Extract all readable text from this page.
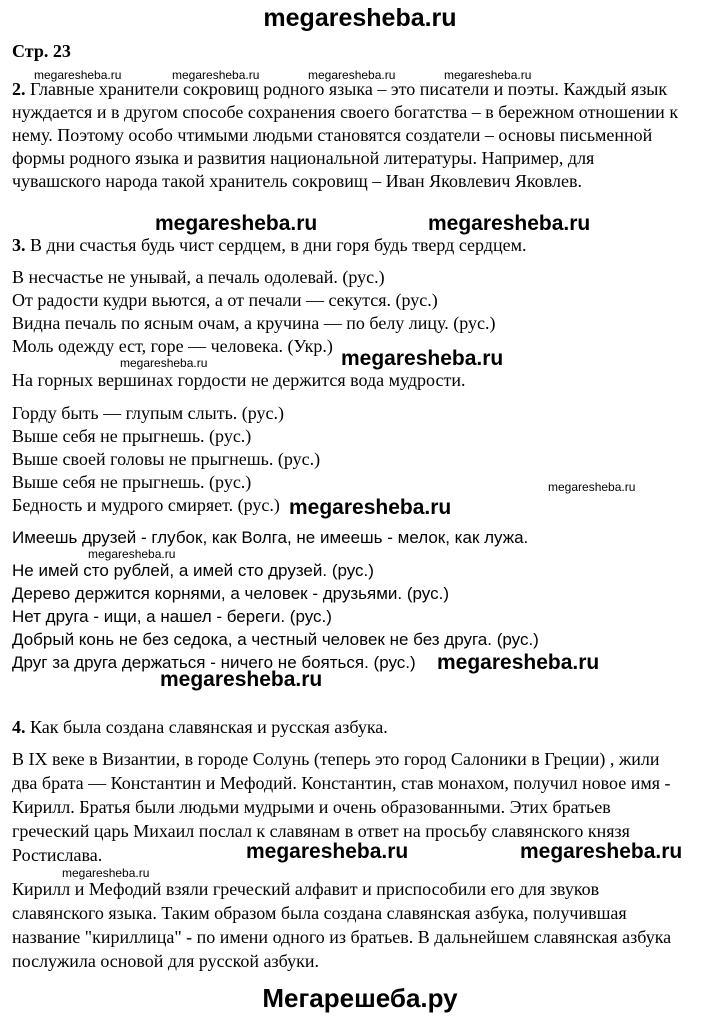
megaresheba.ru
Стр. 23
2. Главные хранители сокровищ родного языка – это писатели и поэты. Каждый язык
нуждается и в другом способе сохранения своего богатства – в бережном отношении к
нему. Поэтому особо чтимыми людьми становятся создатели – основы письменной
формы родного языка и развития национальной литературы. Например, для
чувашского народа такой хранитель сокровищ – Иван Яковлевич Яковлев.
3. В дни счастья будь чист сердцем, в дни горя будь тверд сердцем.
В несчастье не унывай, а печаль одолевай. (рус.)
От радости кудри вьются, а от печали — секутся. (рус.)
Видна печаль по ясным очам, а кручина — по белу лицу. (рус.)
Моль одежду ест, горе — человека. (Укр.)
На горных вершинах гордости не держится вода мудрости.
Горду быть — глупым слыть. (рус.)
Выше себя не прыгнешь. (рус.)
Выше своей головы не прыгнешь. (рус.)
Выше себя не прыгнешь. (рус.)
Бедность и мудрого смиряет. (рус.)
Имеешь друзей - глубок, как Волга, не имеешь - мелок, как лужа.
Не имей сто рублей, а имей сто друзей. (рус.)
Дерево держится корнями, а человек - друзьями. (рус.)
Нет друга - ищи, а нашел - береги. (рус.)
Добрый конь не без седока, а честный человек не без друга. (рус.)
Друг за друга держаться - ничего не бояться. (рус.)
4. Как была создана славянская и русская азбука.
В IX веке в Византии, в городе Солунь (теперь это город Салоники в Греции) , жили
два брата — Константин и Мефодий. Константин, став монахом, получил новое имя -
Кирилл. Братья были людьми мудрыми и очень образованными. Этих братьев
греческий царь Михаил послал к славянам в ответ на просьбу славянского князя
Ростислава.
Кирилл и Мефодий взяли греческий алфавит и приспособили его для звуков
славянского языка. Таким образом была создана славянская азбука, получившая
название "кириллица" - по имени одного из братьев. В дальнейшем славянская азбука
послужила основой для русской азбуки.
megaresheba.ru	megaresheba.ru	megaresheba.ru	megaresheba.ru
megaresheba.ru
megaresheba.ru
megaresheba.ru
megaresheba.ru
megaresheba.ru	megaresheba.ru
megaresheba.ru
megaresheba.ru
megaresheba.ru
megaresheba.ru
megaresheba.ru	megaresheba.ru
Мегарешеба.ру
